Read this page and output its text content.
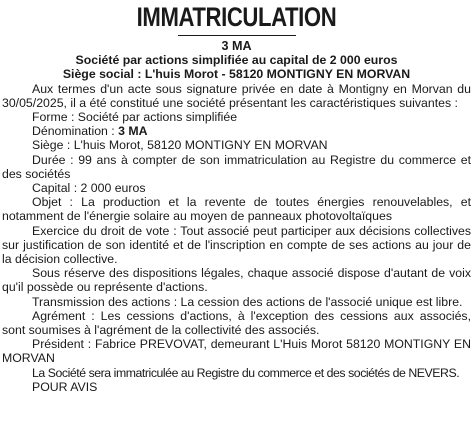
IMMATRICULATION
3 MA
Société par actions simplifiée au capital de 2 000 euros
Siège social : L'huis Morot - 58120 MONTIGNY EN MORVAN

Aux termes d'un acte sous signature privée en date à Montigny en Morvan du 30/05/2025, il a été constitué une société présentant les caractéristiques suivantes :

Forme : Société par actions simplifiée

Dénomination : 3 MA

Siège : L'huis Morot, 58120 MONTIGNY EN MORVAN

Durée : 99 ans à compter de son immatriculation au Registre du commerce et des sociétés

Capital : 2 000 euros

Objet : La production et la revente de toutes énergies renouvelables, et notamment de l'énergie solaire au moyen de panneaux photovoltaïques

Exercice du droit de vote : Tout associé peut participer aux décisions collectives sur justification de son identité et de l'inscription en compte de ses actions au jour de la décision collective.

Sous réserve des dispositions légales, chaque associé dispose d'autant de voix qu'il possède ou représente d'actions.

Transmission des actions : La cession des actions de l'associé unique est libre.

Agrément : Les cessions d'actions, à l'exception des cessions aux associés, sont soumises à l'agrément de la collectivité des associés.

Président : Fabrice PREVOVAT, demeurant L'Huis Morot 58120 MONTIGNY EN MORVAN

La Société sera immatriculée au Registre du commerce et des sociétés de NEVERS.

POUR AVIS
